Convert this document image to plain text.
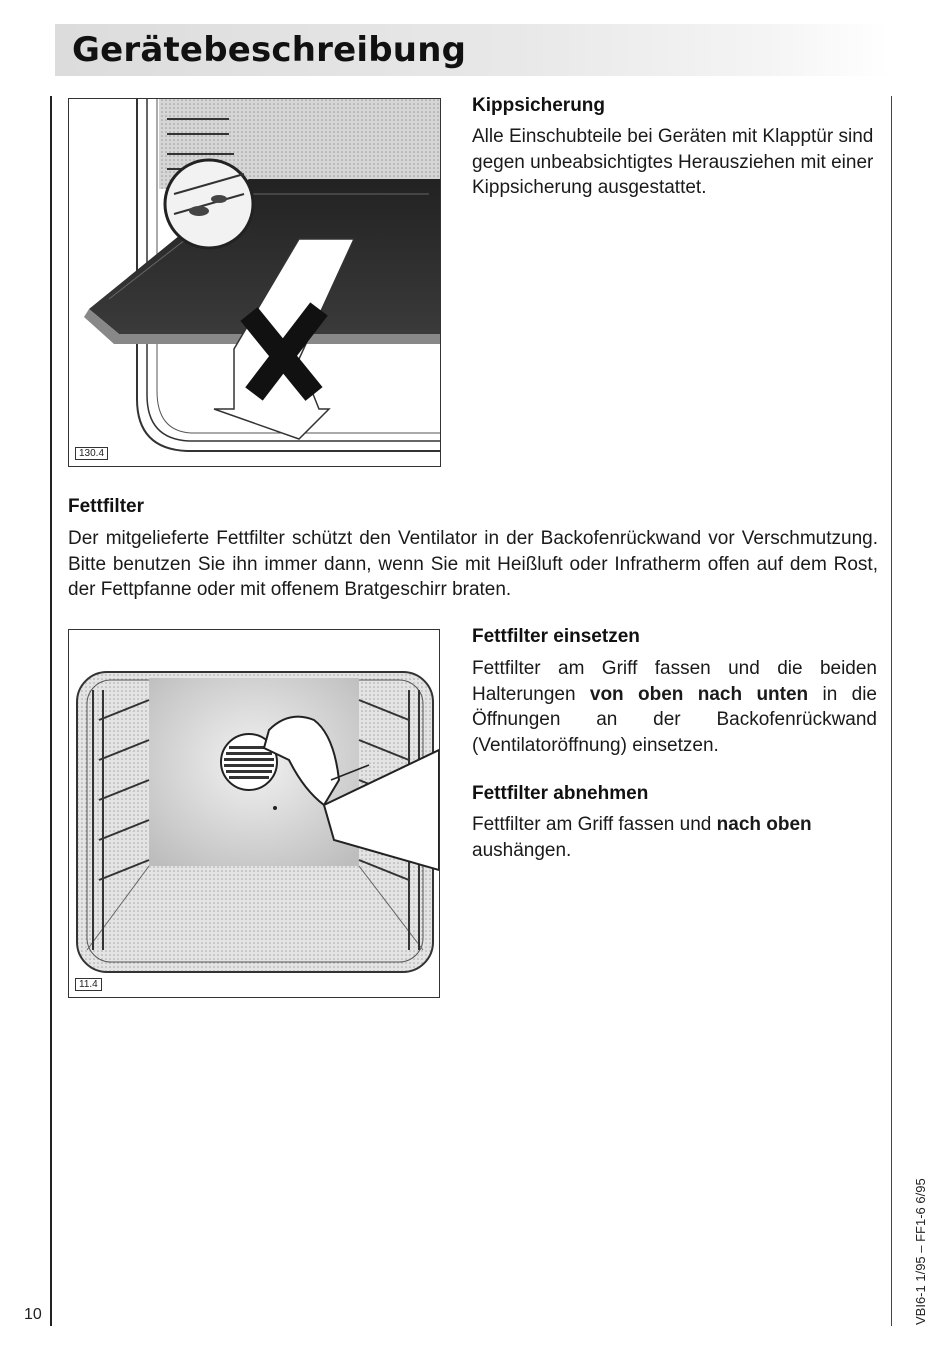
Gerätebeschreibung
130.4
Kippsicherung

Alle Einschubteile bei Geräten mit Klapptür sind gegen unbeabsichtigtes Herausziehen mit einer Kippsicherung ausgestattet.

Fettfilter

Der mitgelieferte Fettfilter schützt den Ventilator in der Backofenrückwand vor Verschmutzung. Bitte benutzen Sie ihn immer dann, wenn Sie mit Heißluft oder Infratherm offen auf dem Rost, der Fettpfanne oder mit offenem Bratgeschirr braten.

11.4
Fettfilter einsetzen

Fettfilter am Griff fassen und die beiden Halterungen von oben nach unten in die Öffnungen an der Backofenrückwand (Ventilatoröffnung) einsetzen.

Fettfilter abnehmen

Fettfilter am Griff fassen und nach oben aushängen.

10	VBI6-1 1/95 – FF1-6 6/95
